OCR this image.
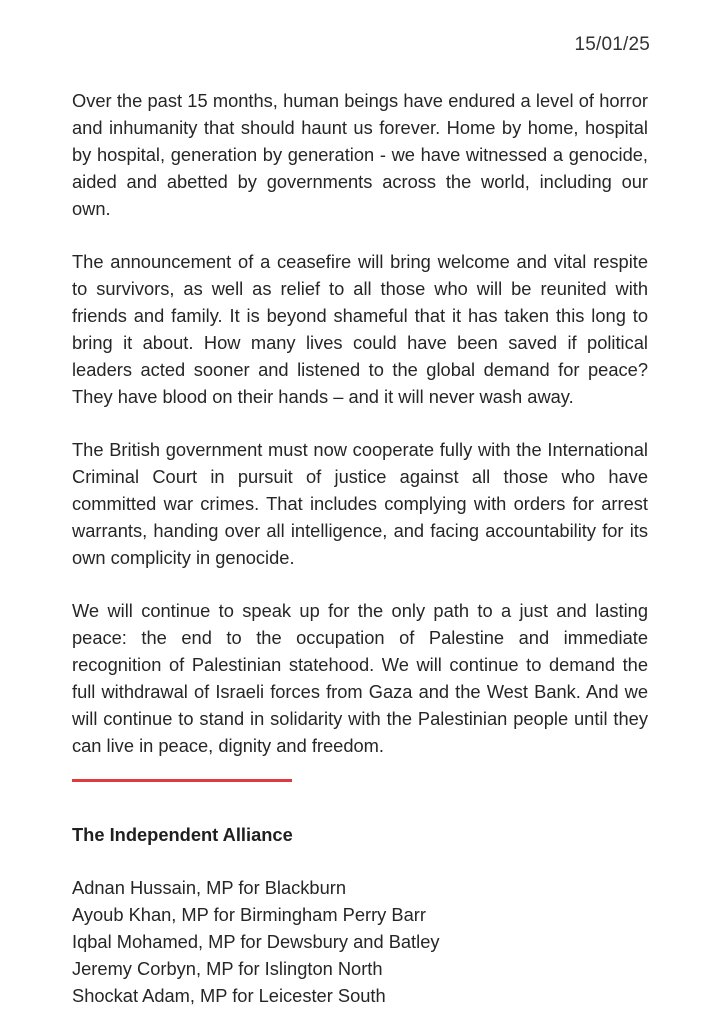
15/01/25

Over the past 15 months, human beings have endured a level of horror and inhumanity that should haunt us forever. Home by home, hospital by hospital, generation by generation - we have witnessed a genocide, aided and abetted by governments across the world, including our own.

The announcement of a ceasefire will bring welcome and vital respite to survivors, as well as relief to all those who will be reunited with friends and family. It is beyond shameful that it has taken this long to bring it about. How many lives could have been saved if political leaders acted sooner and listened to the global demand for peace? They have blood on their hands – and it will never wash away.

The British government must now cooperate fully with the International Criminal Court in pursuit of justice against all those who have committed war crimes. That includes complying with orders for arrest warrants, handing over all intelligence, and facing accountability for its own complicity in genocide.

We will continue to speak up for the only path to a just and lasting peace: the end to the occupation of Palestine and immediate recognition of Palestinian statehood. We will continue to demand the full withdrawal of Israeli forces from Gaza and the West Bank. And we will continue to stand in solidarity with the Palestinian people until they can live in peace, dignity and freedom.

The Independent Alliance
Adnan Hussain, MP for Blackburn
Ayoub Khan, MP for Birmingham Perry Barr
Iqbal Mohamed, MP for Dewsbury and Batley
Jeremy Corbyn, MP for Islington North
Shockat Adam, MP for Leicester South
